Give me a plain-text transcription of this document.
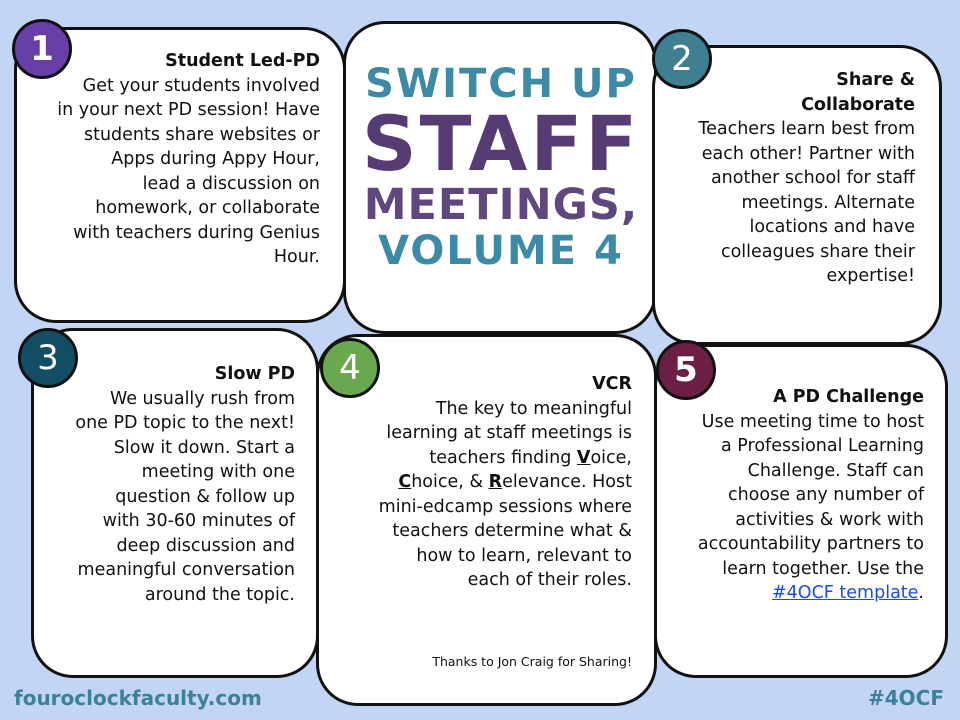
Student Led-PD
Get your students involved
in your next PD session! Have
students share websites or
Apps during Appy Hour,
lead a discussion on
homework, or collaborate
with teachers during Genius
Hour.
1
SWITCH UP
STAFF
MEETINGS,
VOLUME 4
Share &
Collaborate
Teachers learn best from
each other! Partner with
another school for staff
meetings. Alternate
locations and have
colleagues share their
expertise!
2
Slow PD
We usually rush from
one PD topic to the next!
Slow it down. Start a
meeting with one
question & follow up
with 30-60 minutes of
deep discussion and
meaningful conversation
around the topic.
3
VCR
The key to meaningful
learning at staff meetings is
teachers finding Voice,
Choice, & Relevance. Host
mini-edcamp sessions where
teachers determine what &
how to learn, relevant to
each of their roles.
Thanks to Jon Craig for Sharing!
4
A PD Challenge
Use meeting time to host
a Professional Learning
Challenge. Staff can
choose any number of
activities & work with
accountability partners to
learn together. Use the
#4OCF template.
5
fouroclockfaculty.com	#4OCF
